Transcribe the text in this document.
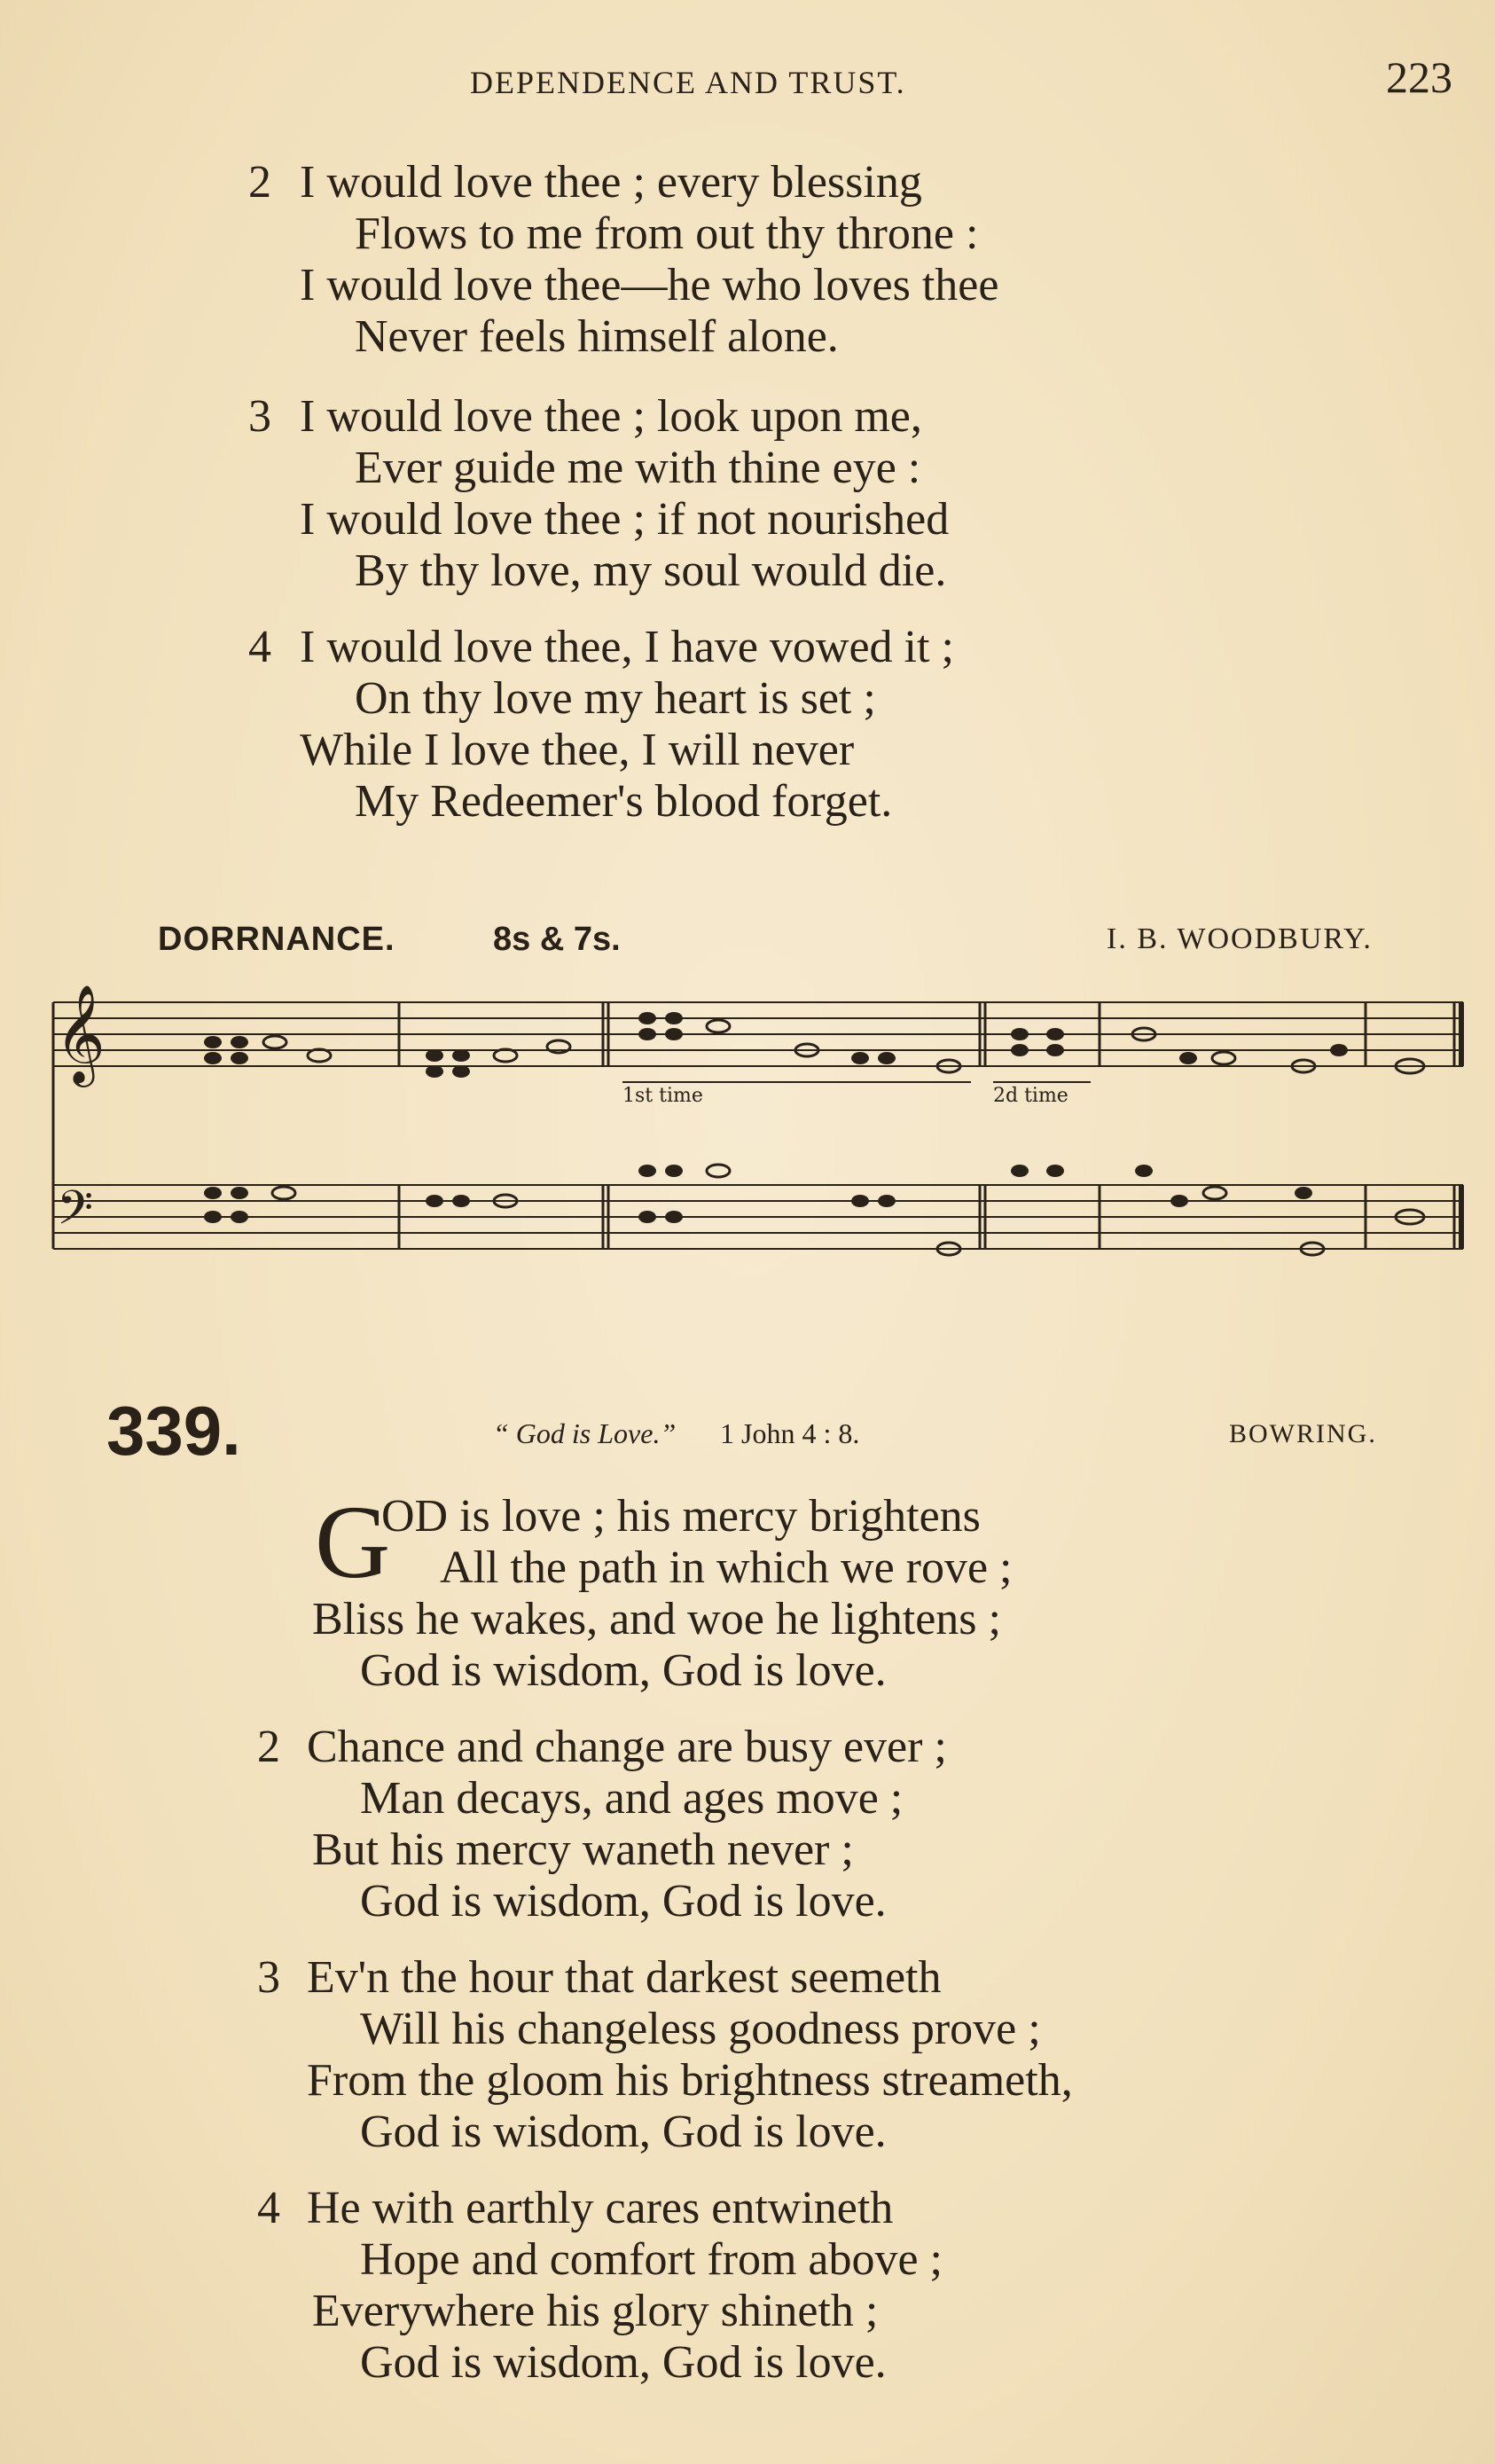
DEPENDENCE AND TRUST.	223
2 I would love thee ; every blessing
Flows to me from out thy throne :
I would love thee—he who loves thee
Never feels himself alone.
3 I would love thee ; look upon me,
Ever guide me with thine eye :
I would love thee ; if not nourished
By thy love, my soul would die.
4 I would love thee, I have vowed it ;
On thy love my heart is set ;
While I love thee, I will never
My Redeemer's blood forget.
DORRNANCE.	8s & 7s.	I. B. WOODBURY.
𝄞
𝄢
1st time	2d time
339.	“ God is Love.” 1 John 4 : 8.	BOWRING.
G
OD is love ; his mercy brightens
All the path in which we rove ;
Bliss he wakes, and woe he lightens ;
God is wisdom, God is love.
2 Chance and change are busy ever ;
Man decays, and ages move ;
But his mercy waneth never ;
God is wisdom, God is love.
3 Ev'n the hour that darkest seemeth
Will his changeless goodness prove ;
From the gloom his brightness streameth,
God is wisdom, God is love.
4 He with earthly cares entwineth
Hope and comfort from above ;
Everywhere his glory shineth ;
God is wisdom, God is love.
